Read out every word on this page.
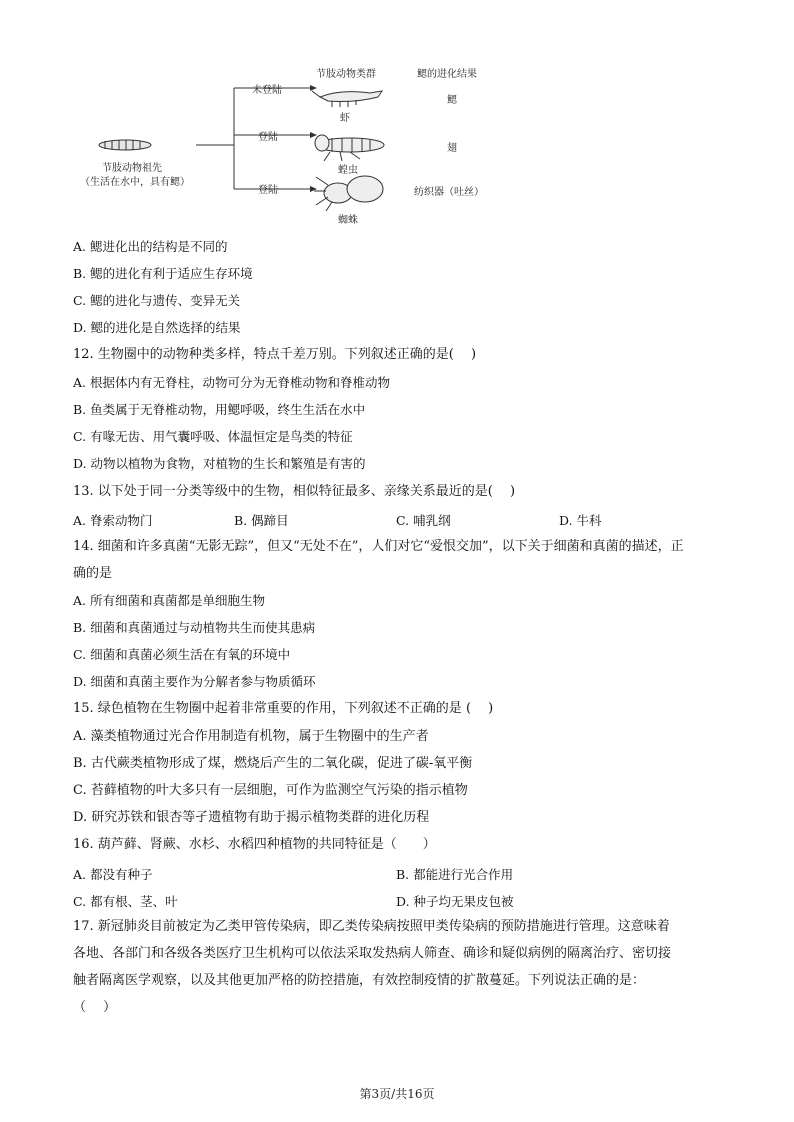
节肢动物类群	鳃的进化结果
未登陆
虾
鳃
登陆
蝗虫
翅
登陆
蜘蛛
纺织器（吐丝）
节肢动物祖先
（生活在水中，具有鳃）
A. 鳃进化出的结构是不同的
B. 鳃的进化有利于适应生存环境
C. 鳃的进化与遗传、变异无关
D. 鳃的进化是自然选择的结果
12. 生物圈中的动物种类多样，特点千差万别。下列叙述正确的是(　 )
A. 根据体内有无脊柱，动物可分为无脊椎动物和脊椎动物
B. 鱼类属于无脊椎动物，用鳃呼吸，终生生活在水中
C. 有喙无齿、用气囊呼吸、体温恒定是鸟类的特征
D. 动物以植物为食物，对植物的生长和繁殖是有害的
13. 以下处于同一分类等级中的生物，相似特征最多、亲缘关系最近的是(　 )
A. 脊索动物门	B. 偶蹄目	C. 哺乳纲	D. 牛科
14. 细菌和许多真菌“无影无踪”，但又“无处不在”，人们对它“爱恨交加”，以下关于细菌和真菌的描述，正
确的是
A. 所有细菌和真菌都是单细胞生物
B. 细菌和真菌通过与动植物共生而使其患病
C. 细菌和真菌必须生活在有氧的环境中
D. 细菌和真菌主要作为分解者参与物质循环
15. 绿色植物在生物圈中起着非常重要的作用，下列叙述不正确的是 (　 )
A. 藻类植物通过光合作用制造有机物，属于生物圈中的生产者
B. 古代蕨类植物形成了煤，燃烧后产生的二氧化碳，促进了碳-氧平衡
C. 苔藓植物的叶大多只有一层细胞，可作为监测空气污染的指示植物
D. 研究苏铁和银杏等孑遗植物有助于揭示植物类群的进化历程
16. 葫芦藓、肾蕨、水杉、水稻四种植物的共同特征是（　　）
A. 都没有种子	B. 都能进行光合作用
C. 都有根、茎、叶	D. 种子均无果皮包被
17. 新冠肺炎目前被定为乙类甲管传染病，即乙类传染病按照甲类传染病的预防措施进行管理。这意味着
各地、各部门和各级各类医疗卫生机构可以依法采取发热病人筛查、确诊和疑似病例的隔离治疗、密切接
触者隔离医学观察，以及其他更加严格的防控措施，有效控制疫情的扩散蔓延。下列说法正确的是：
（　 ）
第3页/共16页
